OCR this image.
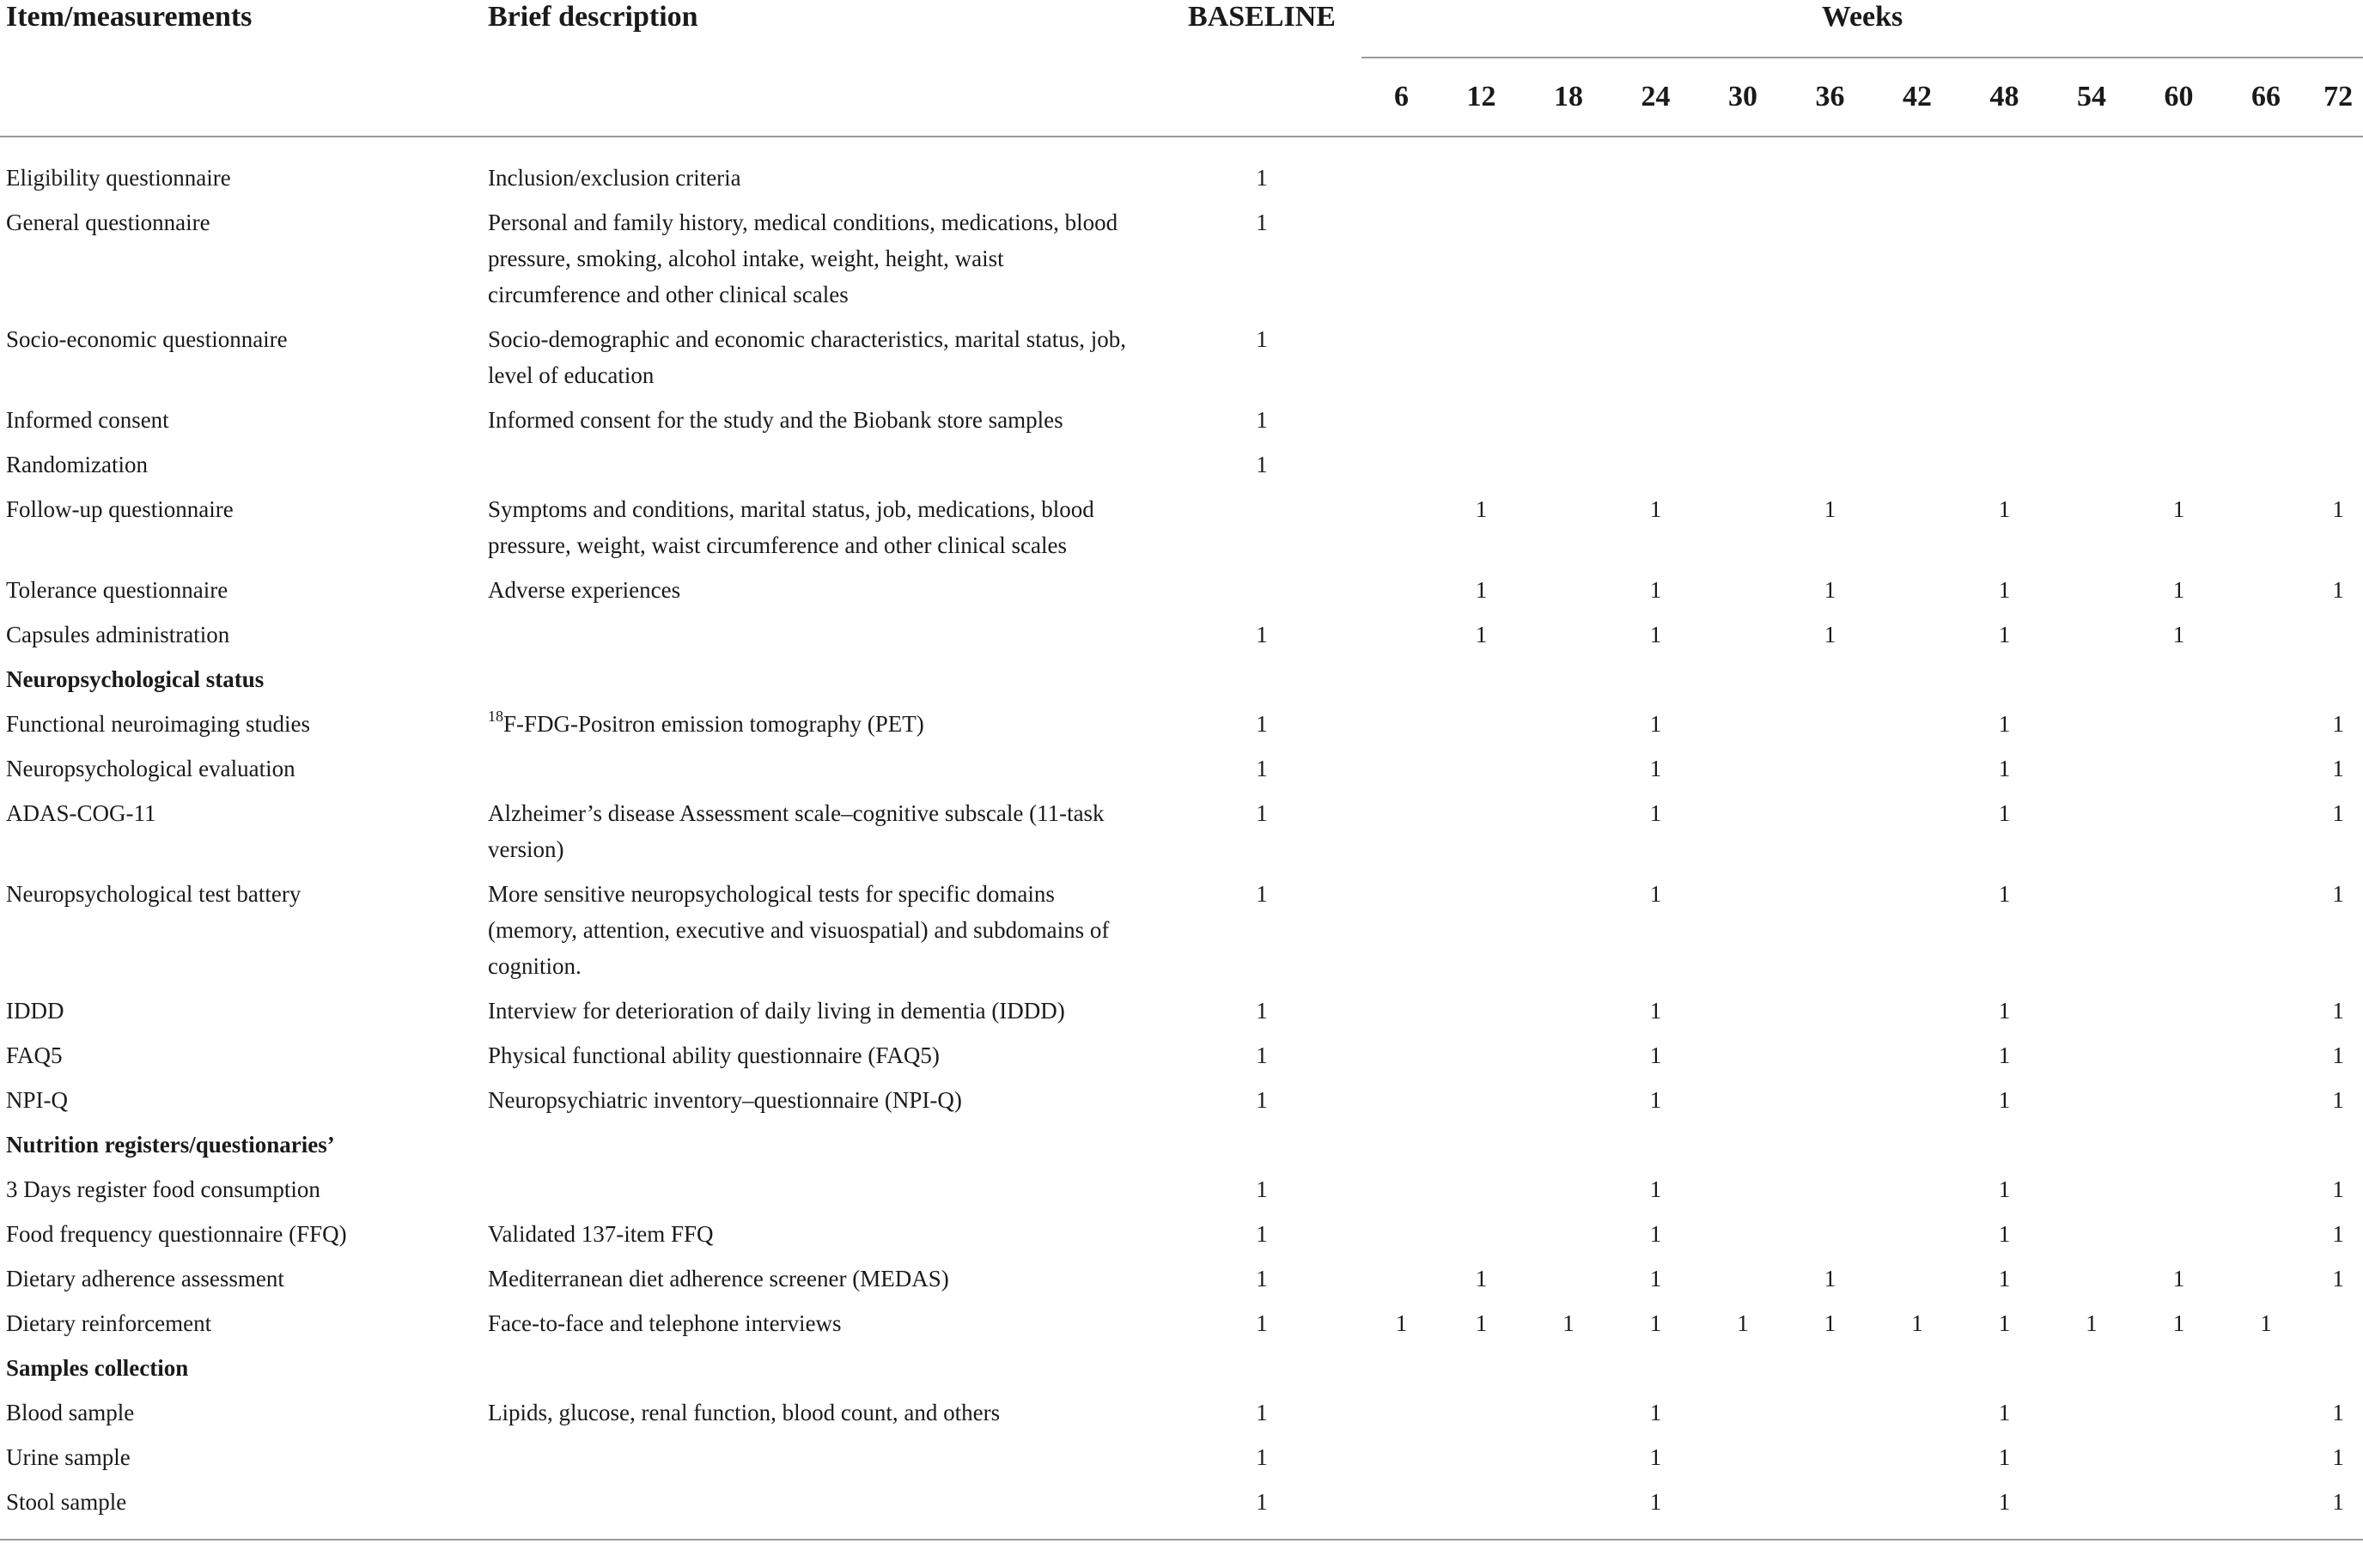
Item/measurements	Brief description	BASELINE	Weeks											
			6	12	18	24	30	36	42	48	54	60	66	72
Eligibility questionnaire	Inclusion/exclusion criteria	1												
General questionnaire	Personal and family history, medical conditions, medications, blood pressure, smoking, alcohol intake, weight, height, waist circumference and other clinical scales	1												
Socio-economic questionnaire	Socio-demographic and economic characteristics, marital status, job, level of education	1												
Informed consent	Informed consent for the study and the Biobank store samples	1												
Randomization		1												
Follow-up questionnaire	Symptoms and conditions, marital status, job, medications, blood pressure, weight, waist circumference and other clinical scales			1		1		1		1		1		1
Tolerance questionnaire	Adverse experiences			1		1		1		1		1		1
Capsules administration		1		1		1		1		1		1		
Neuropsychological status														
Functional neuroimaging studies	$^{18}$F-FDG-Positron emission tomography (PET)	1				1				1				1
Neuropsychological evaluation		1				1				1				1
ADAS-COG-11	Alzheimer’s disease Assessment scale–cognitive subscale (11-task version)	1				1				1				1
Neuropsychological test battery	More sensitive neuropsychological tests for specific domains (memory, attention, executive and visuospatial) and subdomains of cognition.	1				1				1				1
IDDD	Interview for deterioration of daily living in dementia (IDDD)	1				1				1				1
FAQ5	Physical functional ability questionnaire (FAQ5)	1				1				1				1
NPI-Q	Neuropsychiatric inventory–questionnaire (NPI-Q)	1				1				1				1
Nutrition registers/questionaries’														
3 Days register food consumption		1				1				1				1
Food frequency questionnaire (FFQ)	Validated 137-item FFQ	1				1				1				1
Dietary adherence assessment	Mediterranean diet adherence screener (MEDAS)	1		1		1		1		1		1		1
Dietary reinforcement	Face-to-face and telephone interviews	1	1	1	1	1	1	1	1	1	1	1	1	
Samples collection														
Blood sample	Lipids, glucose, renal function, blood count, and others	1				1				1				1
Urine sample		1				1				1				1
Stool sample		1				1				1				1
